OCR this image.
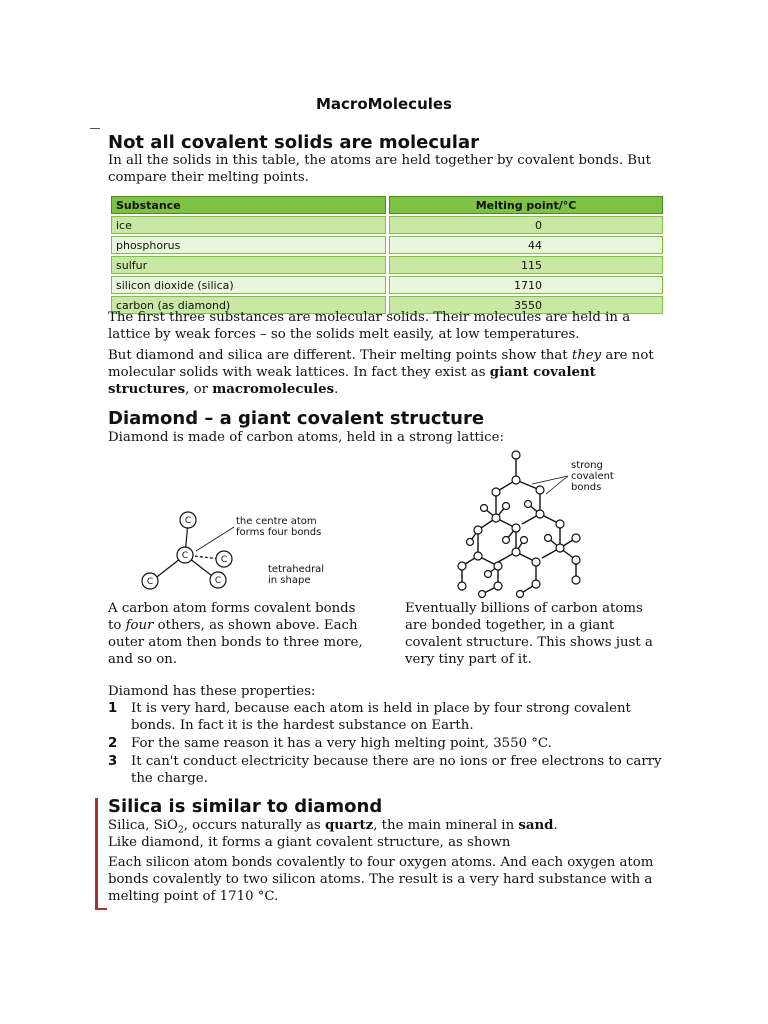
MacroMolecules
Not all covalent solids are molecular

In all the solids in this table, the atoms are held together by covalent bonds. But compare their melting points.

Substance	Melting point/°C
ice	0
phosphorus	44
sulfur	115
silicon dioxide (silica)	1710
carbon (as diamond)	3550

The first three substances are molecular solids. Their molecules are held in a lattice by weak forces – so the solids melt easily, at low temperatures.

But diamond and silica are different. Their melting points show that they are not molecular solids with weak lattices. In fact they exist as giant covalent structures, or macromolecules.

Diamond – a giant covalent structure

Diamond is made of carbon atoms, held in a strong lattice:

C
C	C
C	C
the centre atom
forms four bonds
tetrahedral
in shape
strong
covalent
bonds

A carbon atom forms covalent bonds to four others, as shown above. Each outer atom then bonds to three more, and so on.

Eventually billions of carbon atoms are bonded together, in a giant covalent structure. This shows just a very tiny part of it.

Diamond has these properties:

1 It is very hard, because each atom is held in place by four strong covalent bonds. In fact it is the hardest substance on Earth.
2 For the same reason it has a very high melting point, 3550 °C.
3 It can't conduct electricity because there are no ions or free electrons to carry the charge.
Silica is similar to diamond

Silica, SiO$_2$, occurs naturally as quartz, the main mineral in sand.

Like diamond, it forms a giant covalent structure, as shown

Each silicon atom bonds covalently to four oxygen atoms. And each oxygen atom bonds covalently to two silicon atoms. The result is a very hard substance with a melting point of 1710 °C.
